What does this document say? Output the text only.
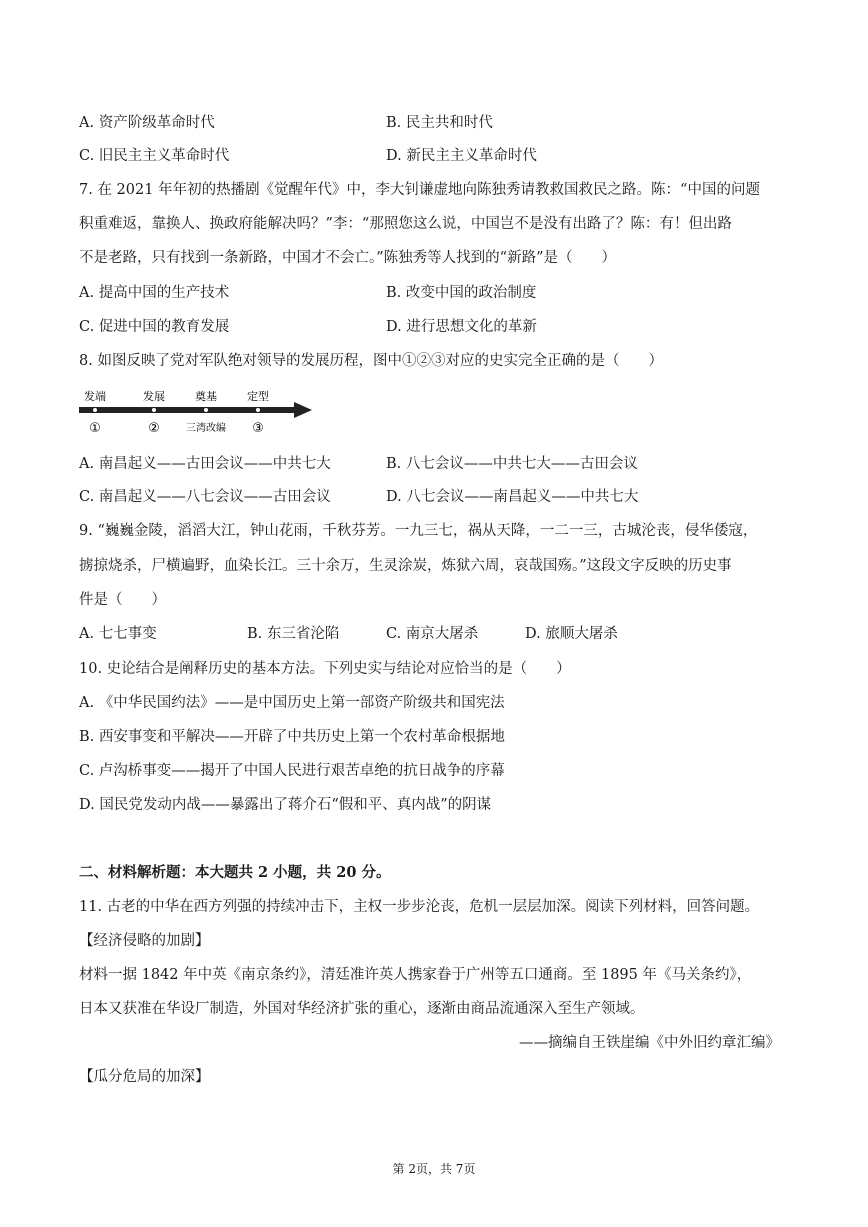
A. 资产阶级革命时代	B. 民主共和时代
C. 旧民主主义革命时代	D. 新民主主义革命时代
7. 在 2021 年年初的热播剧《觉醒年代》中，李大钊谦虚地向陈独秀请教救国救民之路。陈：“中国的问题
积重难返，靠换人、换政府能解决吗？”李：“那照您这么说，中国岂不是没有出路了？陈：有！但出路
不是老路，只有找到一条新路，中国才不会亡。”陈独秀等人找到的“新路”是（　　）
A. 提高中国的生产技术	B. 改变中国的政治制度
C. 促进中国的教育发展	D. 进行思想文化的革新
8. 如图反映了党对军队绝对领导的发展历程，图中①②③对应的史实完全正确的是（　　）
发端	发展	奠基	定型
①	②	三湾改编 ③
A. 南昌起义——古田会议——中共七大	B. 八七会议——中共七大——古田会议
C. 南昌起义——八七会议——古田会议	D. 八七会议——南昌起义——中共七大
9. “巍巍金陵，滔滔大江，钟山花雨，千秋芬芳。一九三七，祸从天降，一二一三，古城沦丧，侵华倭寇，
掳掠烧杀，尸横遍野，血染长江。三十余万，生灵涂炭，炼狱六周，哀哉国殇。”这段文字反映的历史事
件是（　　）
A. 七七事变	B. 东三省沦陷	C. 南京大屠杀	D. 旅顺大屠杀
10. 史论结合是阐释历史的基本方法。下列史实与结论对应恰当的是（　　）
A. 《中华民国约法》——是中国历史上第一部资产阶级共和国宪法
B. 西安事变和平解决——开辟了中共历史上第一个农村革命根据地
C. 卢沟桥事变——揭开了中国人民进行艰苦卓绝的抗日战争的序幕
D. 国民党发动内战——暴露出了蒋介石“假和平、真内战”的阴谋
二、材料解析题：本大题共 2 小题，共 20 分。
11. 古老的中华在西方列强的持续冲击下，主权一步步沦丧，危机一层层加深。阅读下列材料，回答问题。
【经济侵略的加剧】
材料一据 1842 年中英《南京条约》，清廷准许英人携家眷于广州等五口通商。至 1895 年《马关条约》，
日本又获准在华设厂制造，外国对华经济扩张的重心，逐渐由商品流通深入至生产领域。
——摘编自王铁崖编《中外旧约章汇编》
【瓜分危局的加深】
第 2页，共 7页
